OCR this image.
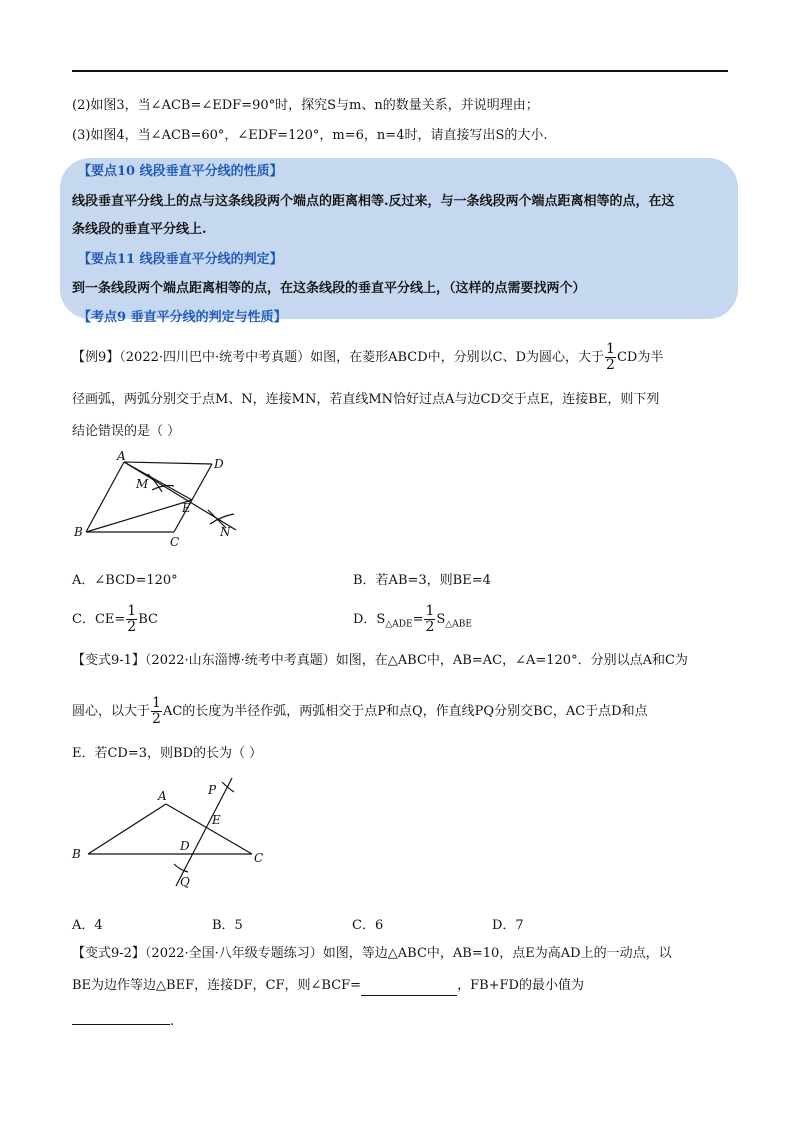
(2)如图3，当∠ACB=∠EDF=90°时，探究S与m、n的数量关系，并说明理由；
(3)如图4，当∠ACB=60°，∠EDF=120°，m=6，n=4时，请直接写出S的大小.
【要点10 线段垂直平分线的性质】
线段垂直平分线上的点与这条线段两个端点的距离相等.反过来，与一条线段两个端点距离相等的点，在这
条线段的垂直平分线上.
【要点11 线段垂直平分线的判定】
到一条线段两个端点距离相等的点，在这条线段的垂直平分线上，（这样的点需要找两个）
【考点9 垂直平分线的判定与性质】
【例9】（2022·四川巴中·统考中考真题）如图，在菱形ABCD中，分别以C、D为圆心，大于 $\frac{1}{2}$ CD为半
径画弧，两弧分别交于点M、N，连接MN，若直线MN恰好过点A与边CD交于点E，连接BE，则下列
结论错误的是（ ）
A
D
M
E
B
C
N
A．∠BCD=120°	B．若AB=3，则BE=4
C．$CE= \frac{1}{2}$ BC	D．$S_{\triangle ADE}= \frac{1}{2} S_{\triangle ABE}$
【变式9-1】（2022·山东淄博·统考中考真题）如图，在△ABC中，AB=AC，∠A=120°．分别以点A和C为
圆心，以大于 $\frac{1}{2}$ AC的长度为半径作弧，两弧相交于点P和点Q，作直线PQ分别交BC，AC于点D和点
E．若CD=3，则BD的长为（ ）
A	P
E
B
D
C
Q
A．4	B．5	C．6	D．7
【变式9-2】（2022·全国·八年级专题练习）如图，等边△ABC中，AB=10，点E为高AD上的一动点，以
BE为边作等边△BEF，连接DF，CF，则∠BCF=	，FB+FD的最小值为
.
